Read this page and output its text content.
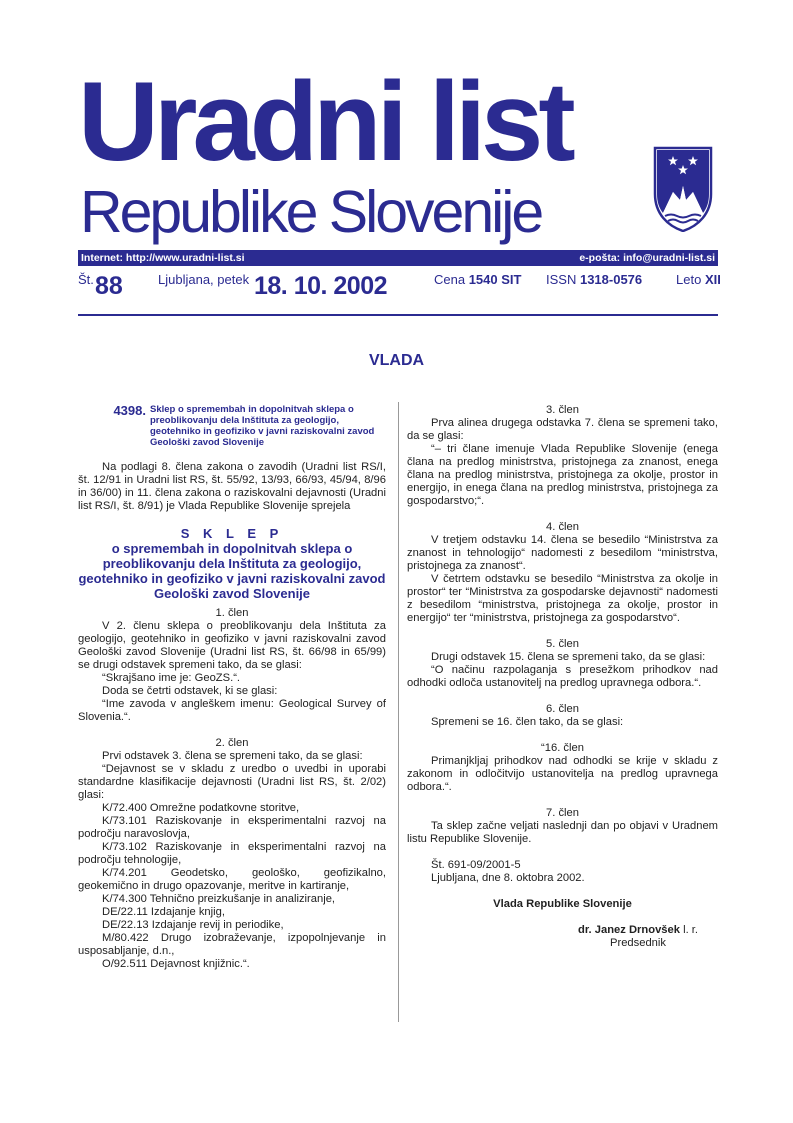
Uradni list
Republike Slovenije
Internet: http://www.uradni-list.si	e-pošta: info@uradni-list.si
Št. 88	Ljubljana, petek 18. 10. 2002	Cena 1540 SIT ISSN 1318-0576	Leto XII
VLADA
4398. Sklep o spremembah in dopolnitvah sklepa o preoblikovanju dela Inštituta za geologijo, geotehniko in geofiziko v javni raziskovalni zavod Geološki zavod Slovenije

Na podlagi 8. člena zakona o zavodih (Uradni list RS/I, št. 12/91 in Uradni list RS, št. 55/92, 13/93, 66/93, 45/94, 8/96 in 36/00) in 11. člena zakona o raziskovalni dejavnosti (Uradni list RS/I, št. 8/91) je Vlada Republike Slovenije sprejela

S K L E P
o spremembah in dopolnitvah sklepa o preoblikovanju dela Inštituta za geologijo, geotehniko in geofiziko v javni raziskovalni zavod Geološki zavod Slovenije

1. člen

V 2. členu sklepa o preoblikovanju dela Inštituta za geologijo, geotehniko in geofiziko v javni raziskovalni zavod Geološki zavod Slovenije (Uradni list RS, št. 66/98 in 65/99) se drugi odstavek spremeni tako, da se glasi:

“Skrajšano ime je: GeoZS.“.

Doda se četrti odstavek, ki se glasi:

“Ime zavoda v angleškem imenu: Geological Survey of Slovenia.“.

2. člen

Prvi odstavek 3. člena se spremeni tako, da se glasi:

“Dejavnost se v skladu z uredbo o uvedbi in uporabi standardne klasifikacije dejavnosti (Uradni list RS, št. 2/02) glasi:

K/72.400 Omrežne podatkovne storitve,

K/73.101 Raziskovanje in eksperimentalni razvoj na področju naravoslovja,

K/73.102 Raziskovanje in eksperimentalni razvoj na področju tehnologije,

K/74.201 Geodetsko, geološko, geofizikalno, geokemično in drugo opazovanje, meritve in kartiranje,

K/74.300 Tehnično preizkušanje in analiziranje,

DE/22.11 Izdajanje knjig,

DE/22.13 Izdajanje revij in periodike,

M/80.422 Drugo izobraževanje, izpopolnjevanje in usposabljanje, d.n.,

O/92.511 Dejavnost knjižnic.“.

3. člen

Prva alinea drugega odstavka 7. člena se spremeni tako, da se glasi:

“– tri člane imenuje Vlada Republike Slovenije (enega člana na predlog ministrstva, pristojnega za znanost, enega člana na predlog ministrstva, pristojnega za okolje, prostor in energijo, in enega člana na predlog ministrstva, pristojnega za gospodarstvo;“.

4. člen

V tretjem odstavku 14. člena se besedilo “Ministrstva za znanost in tehnologijo“ nadomesti z besedilom “ministrstva, pristojnega za znanost“.

V četrtem odstavku se besedilo “Ministrstva za okolje in prostor“ ter “Ministrstva za gospodarske dejavnosti“ nadomesti z besedilom “ministrstva, pristojnega za okolje, prostor in energijo“ ter “ministrstva, pristojnega za gospodarstvo“.

5. člen

Drugi odstavek 15. člena se spremeni tako, da se glasi:

“O načinu razpolaganja s presežkom prihodkov nad odhodki odloča ustanovitelj na predlog upravnega odbora.“.

6. člen

Spremeni se 16. člen tako, da se glasi:

“16. člen

Primanjkljaj prihodkov nad odhodki se krije v skladu z zakonom in odločitvijo ustanovitelja na predlog upravnega odbora.“.

7. člen

Ta sklep začne veljati naslednji dan po objavi v Uradnem listu Republike Slovenije.

Št. 691-09/2001-5

Ljubljana, dne 8. oktobra 2002.

Vlada Republike Slovenije

dr. Janez Drnovšek l. r.

Predsednik
